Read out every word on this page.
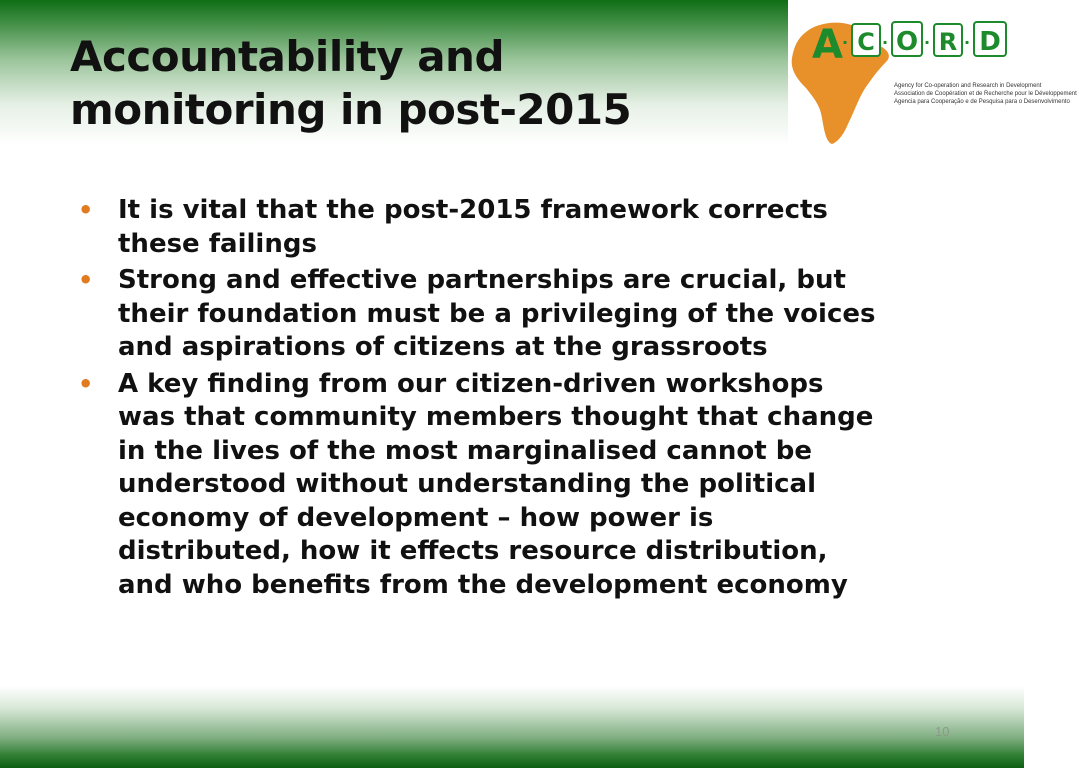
Accountability and
monitoring in post-2015
A · C · O · R · D
Agency for Co-operation and Research in Development
Association de Coopération et de Recherche pour le Développement
Agencia para Cooperação e de Pesquisa para o Desenvolvimento
• It is vital that the post-2015 framework corrects
these failings
• Strong and effective partnerships are crucial, but
their foundation must be a privileging of the voices
and aspirations of citizens at the grassroots
• A key finding from our citizen-driven workshops
was that community members thought that change
in the lives of the most marginalised cannot be
understood without understanding the political
economy of development – how power is
distributed, how it effects resource distribution,
and who benefits from the development economy
10
